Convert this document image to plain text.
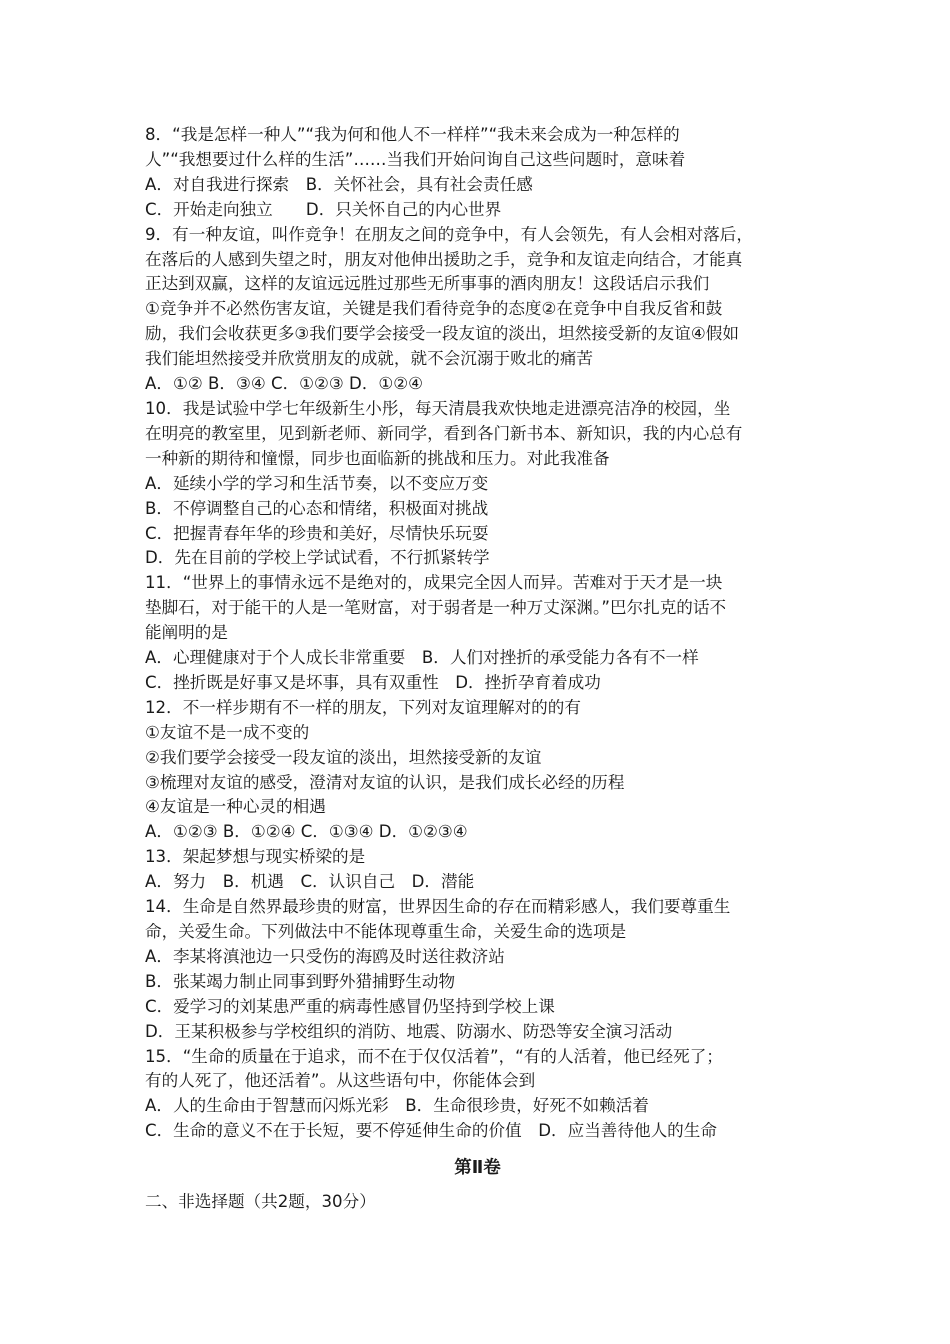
8．“我是怎样一种人”“我为何和他人不一样样”“我未来会成为一种怎样的
人”“我想要过什么样的生活”……当我们开始问询自己这些问题时，意味着
A．对自我进行探索　B．关怀社会，具有社会责任感
C．开始走向独立　　D．只关怀自己的内心世界
9．有一种友谊，叫作竞争！在朋友之间的竞争中，有人会领先，有人会相对落后，
在落后的人感到失望之时，朋友对他伸出援助之手，竞争和友谊走向结合，才能真
正达到双赢，这样的友谊远远胜过那些无所事事的酒肉朋友！这段话启示我们
①竞争并不必然伤害友谊，关键是我们看待竞争的态度②在竞争中自我反省和鼓
励，我们会收获更多③我们要学会接受一段友谊的淡出，坦然接受新的友谊④假如
我们能坦然接受并欣赏朋友的成就，就不会沉溺于败北的痛苦
A．①② B．③④ C．①②③ D．①②④
10．我是试验中学七年级新生小彤，每天清晨我欢快地走进漂亮洁净的校园，坐
在明亮的教室里，见到新老师、新同学，看到各门新书本、新知识，我的内心总有
一种新的期待和憧憬，同步也面临新的挑战和压力。对此我准备
A．延续小学的学习和生活节奏，以不变应万变
B．不停调整自己的心态和情绪，积极面对挑战
C．把握青春年华的珍贵和美好，尽情快乐玩耍
D．先在目前的学校上学试试看，不行抓紧转学
11．“世界上的事情永远不是绝对的，成果完全因人而异。苦难对于天才是一块
垫脚石，对于能干的人是一笔财富，对于弱者是一种万丈深渊。”巴尔扎克的话不
能阐明的是
A．心理健康对于个人成长非常重要　B．人们对挫折的承受能力各有不一样
C．挫折既是好事又是坏事，具有双重性　D．挫折孕育着成功
12．不一样步期有不一样的朋友，下列对友谊理解对的的有
①友谊不是一成不变的
②我们要学会接受一段友谊的淡出，坦然接受新的友谊
③梳理对友谊的感受，澄清对友谊的认识，是我们成长必经的历程
④友谊是一种心灵的相遇
A．①②③ B．①②④ C．①③④ D．①②③④
13．架起梦想与现实桥梁的是
A．努力　B．机遇　C．认识自己　D．潜能
14．生命是自然界最珍贵的财富，世界因生命的存在而精彩感人，我们要尊重生
命，关爱生命。下列做法中不能体现尊重生命，关爱生命的选项是
A．李某将滇池边一只受伤的海鸥及时送往救济站
B．张某竭力制止同事到野外猎捕野生动物
C．爱学习的刘某患严重的病毒性感冒仍坚持到学校上课
D．王某积极参与学校组织的消防、地震、防溺水、防恐等安全演习活动
15．“生命的质量在于追求，而不在于仅仅活着”，“有的人活着，他已经死了；
有的人死了，他还活着”。从这些语句中，你能体会到
A．人的生命由于智慧而闪烁光彩　B．生命很珍贵，好死不如赖活着
C．生命的意义不在于长短，要不停延伸生命的价值　D．应当善待他人的生命
第Ⅱ卷
二、非选择题（共2题，30分）
